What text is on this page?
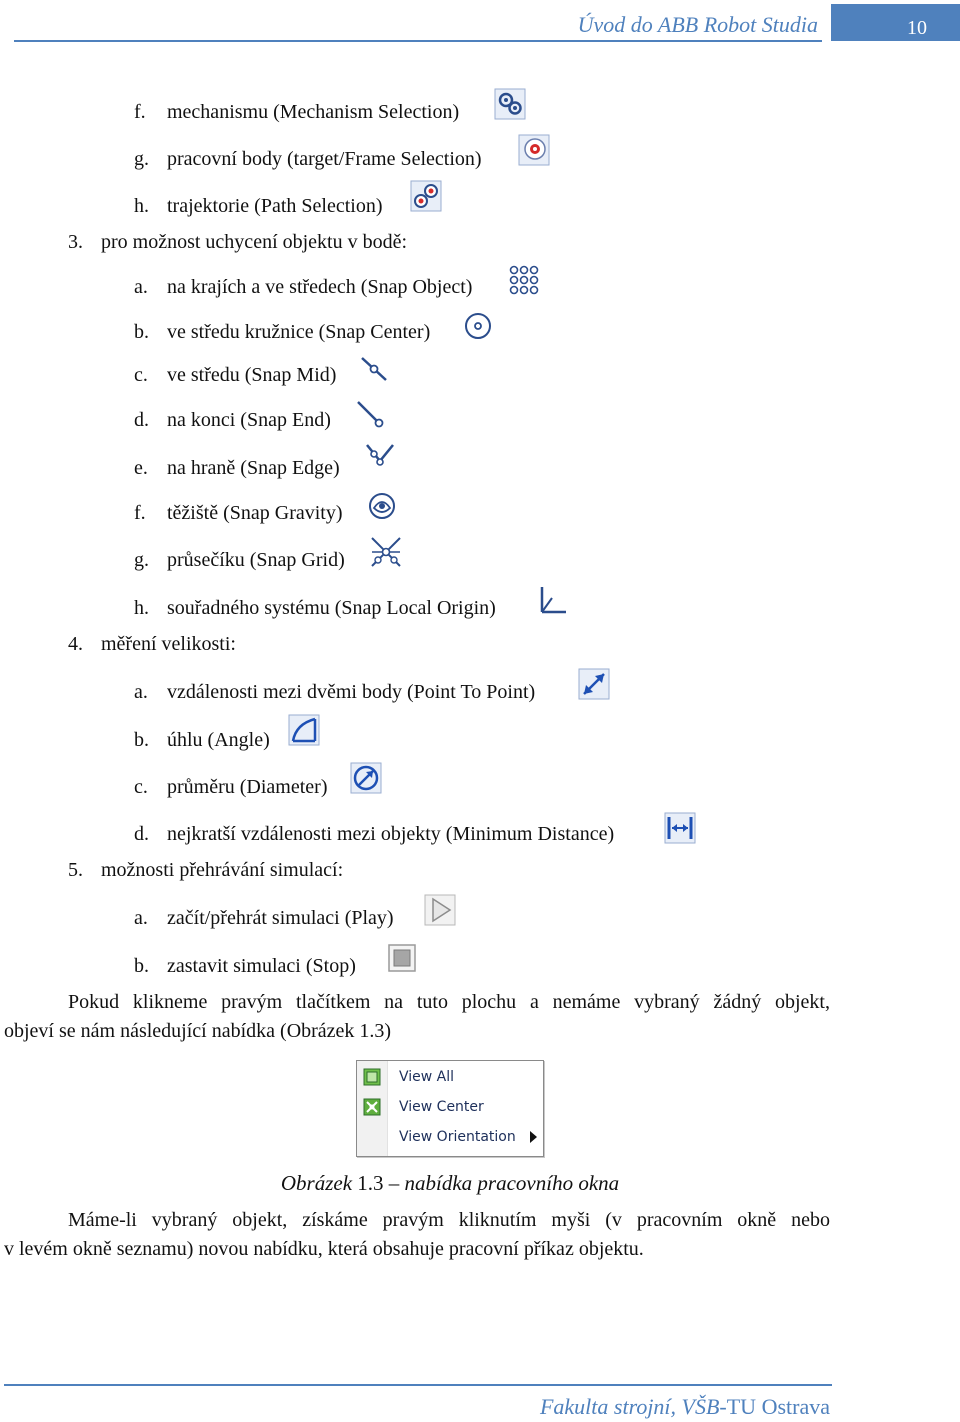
Úvod do ABB Robot Studia	10
f. mechanismu (Mechanism Selection)
g. pracovní body (target/Frame Selection)
h. trajektorie (Path Selection)
3. pro možnost uchycení objektu v bodě:
a. na krajích a ve středech (Snap Object)
b. ve středu kružnice (Snap Center)
c. ve středu (Snap Mid)
d. na konci (Snap End)
e. na hraně (Snap Edge)
f. těžiště (Snap Gravity)
g. průsečíku (Snap Grid)
h. souřadného systému (Snap Local Origin)
4. měření velikosti:
a. vzdálenosti mezi dvěmi body (Point To Point)
b. úhlu (Angle)
c. průměru (Diameter)
d. nejkratší vzdálenosti mezi objekty (Minimum Distance)
5. možnosti přehrávání simulací:
a. začít/přehrát simulaci (Play)
b. zastavit simulaci (Stop)
Pokud klikneme pravým tlačítkem na tuto plochu a nemáme vybraný žádný objekt,
objeví se nám následující nabídka (Obrázek 1.3)
View All
View Center
View Orientation
Obrázek 1.3 – nabídka pracovního okna
Máme-li vybraný objekt, získáme pravým kliknutím myši (v pracovním okně nebo
v levém okně seznamu) novou nabídku, která obsahuje pracovní příkaz objektu.
Fakulta strojní, VŠB-TU Ostrava
